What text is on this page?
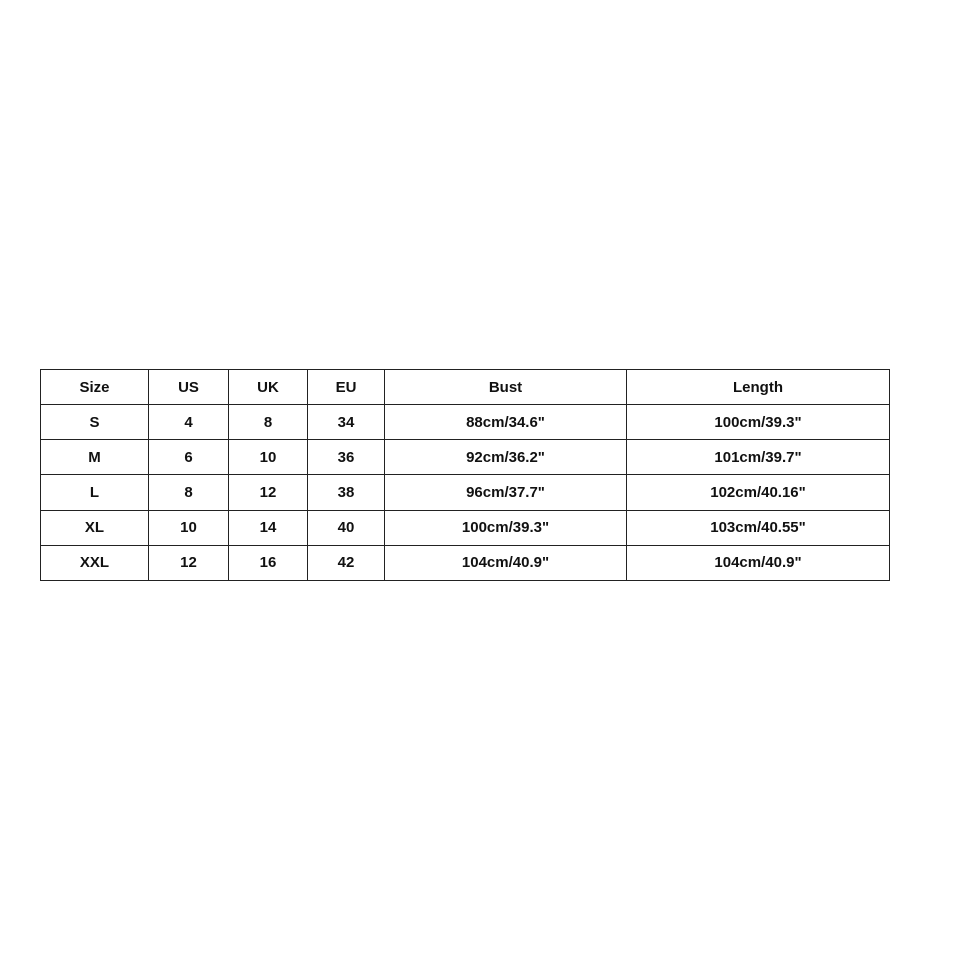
Size	US	UK	EU	Bust	Length
S	4	8	34	88cm/34.6"	100cm/39.3"
M	6	10	36	92cm/36.2"	101cm/39.7"
L	8	12	38	96cm/37.7"	102cm/40.16"
XL	10	14	40	100cm/39.3"	103cm/40.55"
XXL	12	16	42	104cm/40.9"	104cm/40.9"
